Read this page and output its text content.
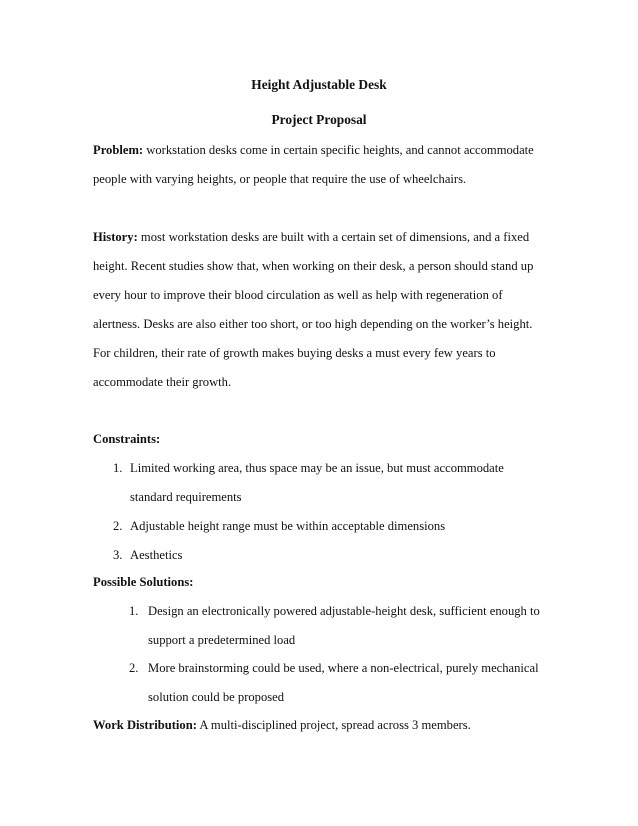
Height Adjustable Desk
Project Proposal
Problem: workstation desks come in certain specific heights, and cannot accommodate
people with varying heights, or people that require the use of wheelchairs.
History: most workstation desks are built with a certain set of dimensions, and a fixed
height. Recent studies show that, when working on their desk, a person should stand up
every hour to improve their blood circulation as well as help with regeneration of
alertness. Desks are also either too short, or too high depending on the worker’s height.
For children, their rate of growth makes buying desks a must every few years to
accommodate their growth.
Constraints:
1. Limited working area, thus space may be an issue, but must accommodate
standard requirements
2. Adjustable height range must be within acceptable dimensions
3. Aesthetics
Possible Solutions:
1. Design an electronically powered adjustable-height desk, sufficient enough to
support a predetermined load
2. More brainstorming could be used, where a non-electrical, purely mechanical
solution could be proposed
Work Distribution: A multi-disciplined project, spread across 3 members.
